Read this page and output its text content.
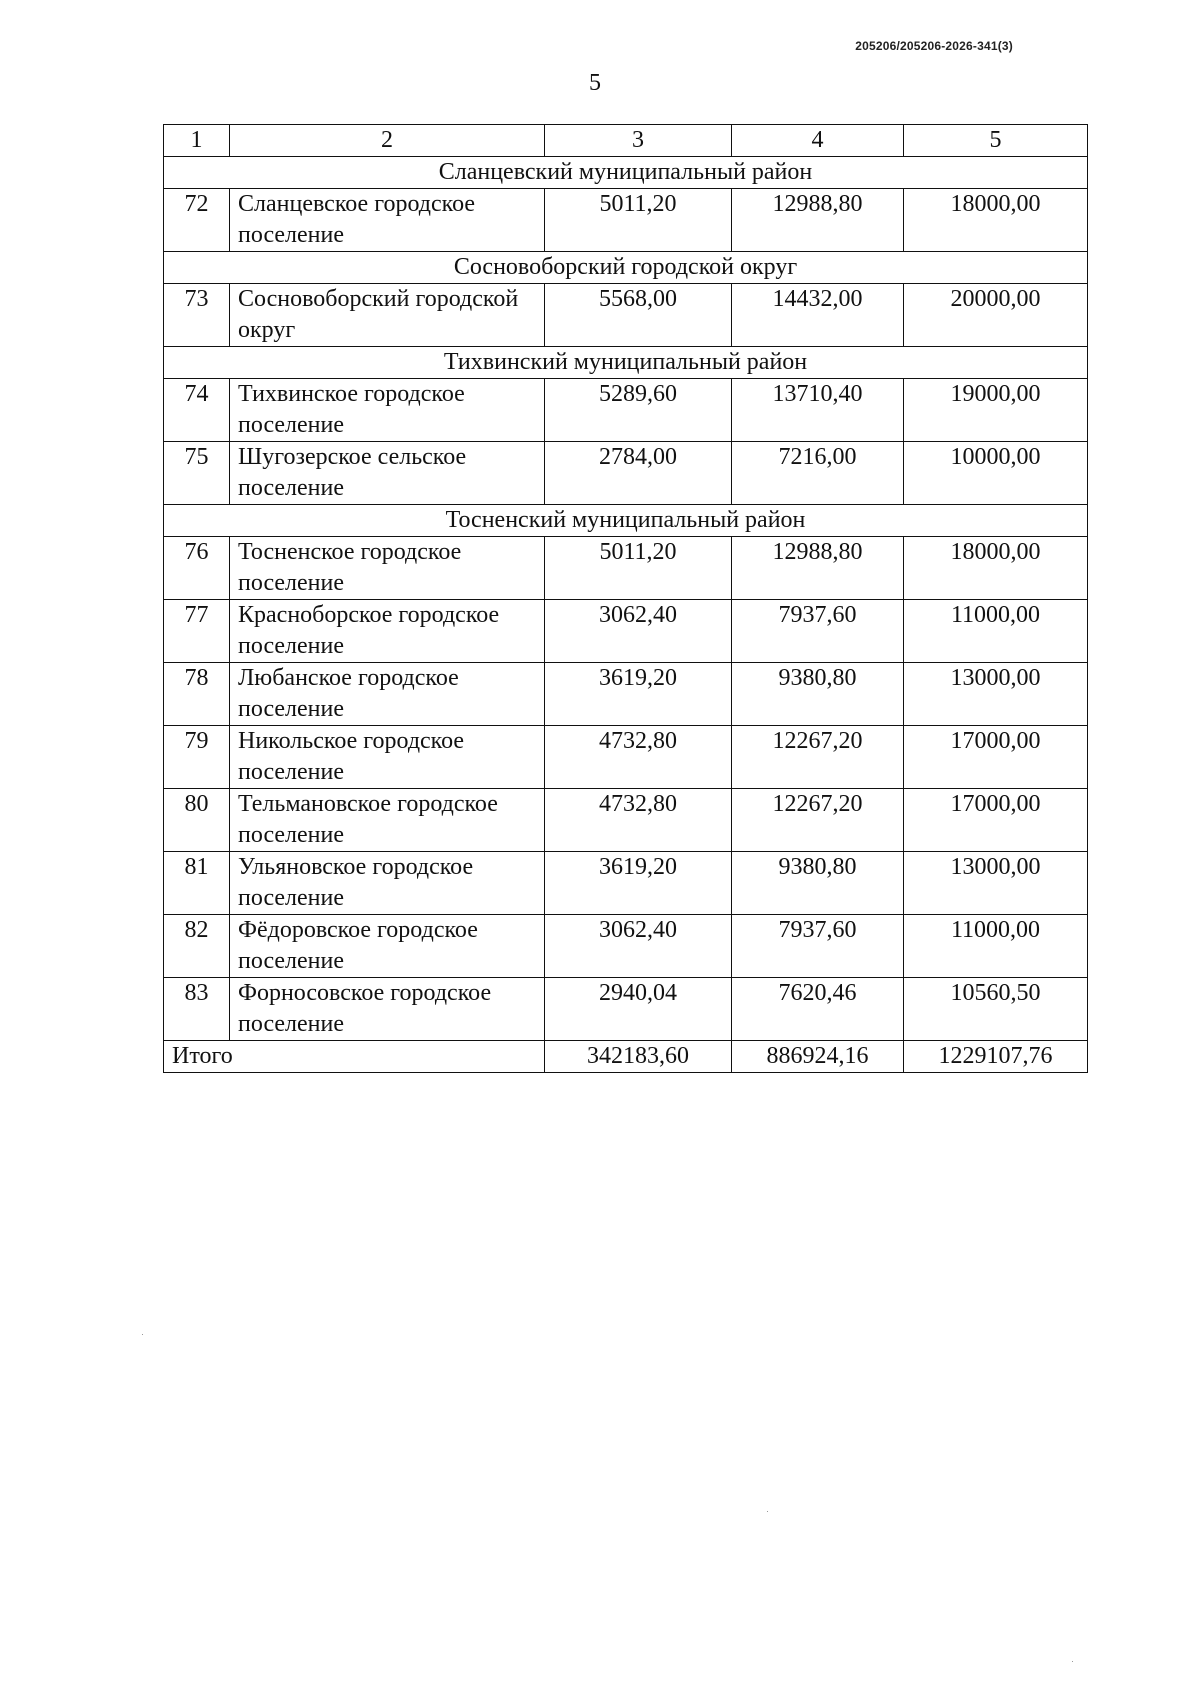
205206/205206-2026-341(3)
5
1	2	3	4	5
Сланцевский муниципальный район				
72	Сланцевское городское поселение	5011,20	12988,80	18000,00
Сосновоборский городской округ				
73	Сосновоборский городской округ	5568,00	14432,00	20000,00
Тихвинский муниципальный район				
74	Тихвинское городское поселение	5289,60	13710,40	19000,00
75	Шугозерское сельское поселение	2784,00	7216,00	10000,00
Тосненский муниципальный район				
76	Тосненское городское поселение	5011,20	12988,80	18000,00
77	Красноборское городское поселение	3062,40	7937,60	11000,00
78	Любанское городское поселение	3619,20	9380,80	13000,00
79	Никольское городское поселение	4732,80	12267,20	17000,00
80	Тельмановское городское поселение	4732,80	12267,20	17000,00
81	Ульяновское городское поселение	3619,20	9380,80	13000,00
82	Фёдоровское городское поселение	3062,40	7937,60	11000,00
83	Форносовское городское поселение	2940,04	7620,46	10560,50
Итого		342183,60	886924,16	1229107,76
